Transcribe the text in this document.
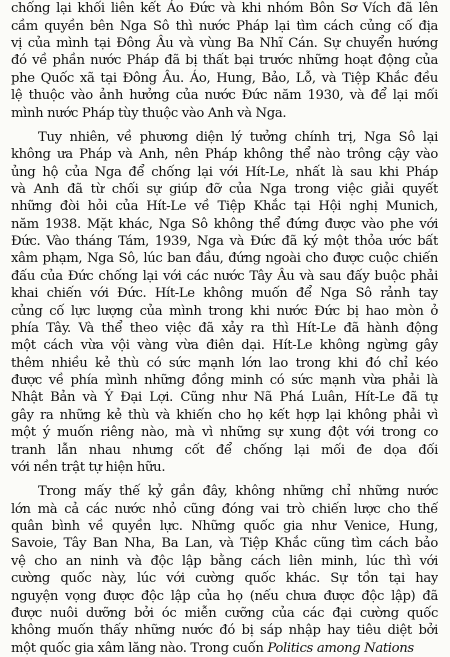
chống lại khối liên kết Áo Đức và khi nhóm Bôn Sơ Vích đã lên
cầm quyền bên Nga Sô thì nước Pháp lại tìm cách củng cố địa
vị của mình tại Đông Âu và vùng Ba Nhĩ Cán. Sự chuyển hướng
đó về phần nước Pháp đã bị thất bại trước những hoạt động của
phe Quốc xã tại Đông Âu. Áo, Hung, Bảo, Lỗ, và Tiệp Khắc đều
lệ thuộc vào ảnh hưởng của nước Đức năm 1930, và để lại mối
mình nước Pháp tùy thuộc vào Anh và Nga.
Tuy nhiên, về phương diện lý tưởng chính trị, Nga Sô lại
không ưa Pháp và Anh, nên Pháp không thể nào trông cậy vào
ủng hộ của Nga để chống lại với Hít-Le, nhất là sau khi Pháp
và Anh đã từ chối sự giúp đỡ của Nga trong việc giải quyết
những đòi hỏi của Hít-Le về Tiệp Khắc tại Hội nghị Munich,
năm 1938. Mặt khác, Nga Sô không thể đứng được vào phe với
Đức. Vào tháng Tám, 1939, Nga và Đức đã ký một thỏa ước bất
xâm phạm, Nga Sô, lúc ban đầu, đứng ngoài cho được cuộc chiến
đấu của Đức chống lại với các nước Tây Âu và sau đấy buộc phải
khai chiến với Đức. Hít-Le không muốn để Nga Sô rảnh tay
củng cố lực lượng của mình trong khi nước Đức bị hao mòn ở
phía Tây. Và thể theo việc đã xảy ra thì Hít-Le đã hành động
một cách vừa vội vàng vừa điên dại. Hít-Le không ngừng gây
thêm nhiều kẻ thù có sức mạnh lớn lao trong khi đó chỉ kéo
được về phía mình những đồng minh có sức mạnh vừa phải là
Nhật Bản và Ý Đại Lợi. Cũng như Nã Phá Luân, Hít-Le đã tự
gây ra những kẻ thù và khiến cho họ kết hợp lại không phải vì
một ý muốn riêng nào, mà vì những sự xung đột với trong cơ
tranh lẫn nhau nhưng cốt để chống lại mối đe dọa đối
với nền trật tự hiện hữu.
Trong mấy thế kỷ gần đây, không những chỉ những nước
lớn mà cả các nước nhỏ cũng đóng vai trò chiến lược cho thế
quân bình về quyền lực. Những quốc gia như Venice, Hung,
Savoie, Tây Ban Nha, Ba Lan, và Tiệp Khắc cũng tìm cách bảo
vệ cho an ninh và độc lập bằng cách liên minh, lúc thì với
cường quốc này, lúc với cường quốc khác. Sự tồn tại hay
nguyện vọng được độc lập của họ (nếu chưa được độc lập) đã
được nuôi dưỡng bởi óc miễn cưỡng của các đại cường quốc
không muốn thấy những nước đó bị sáp nhập hay tiêu diệt bởi
một quốc gia xâm lăng nào. Trong cuốn Politics among Nations
